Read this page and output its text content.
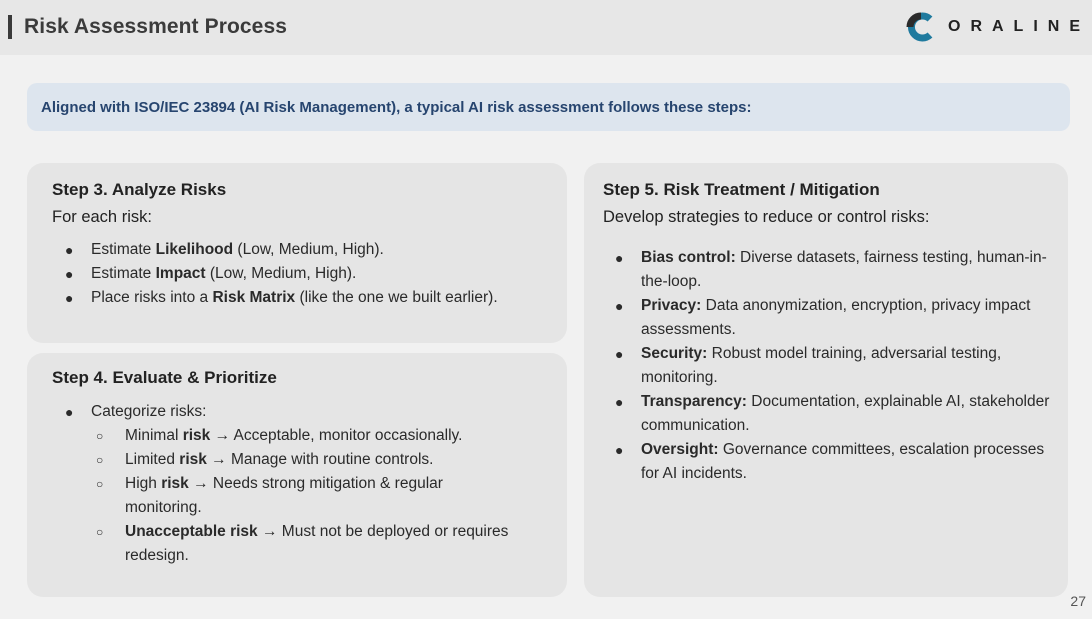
Risk Assessment Process	ORALINE
Aligned with ISO/IEC 23894 (AI Risk Management), a typical AI risk assessment follows these steps:
Step 3. Analyze Risks
For each risk:
● Estimate Likelihood (Low, Medium, High).
● Estimate Impact (Low, Medium, High).
● Place risks into a Risk Matrix (like the one we built earlier).
Step 4. Evaluate & Prioritize
● Categorize risks:
○ Minimal risk → Acceptable, monitor occasionally.
○ Limited risk → Manage with routine controls.
○ High risk → Needs strong mitigation & regular monitoring.
○ Unacceptable risk → Must not be deployed or requires redesign.
Step 5. Risk Treatment / Mitigation
Develop strategies to reduce or control risks:
● Bias control: Diverse datasets, fairness testing, human-in-the-loop.
● Privacy: Data anonymization, encryption, privacy impact assessments.
● Security: Robust model training, adversarial testing, monitoring.
● Transparency: Documentation, explainable AI, stakeholder communication.
● Oversight: Governance committees, escalation processes for AI incidents.
27
